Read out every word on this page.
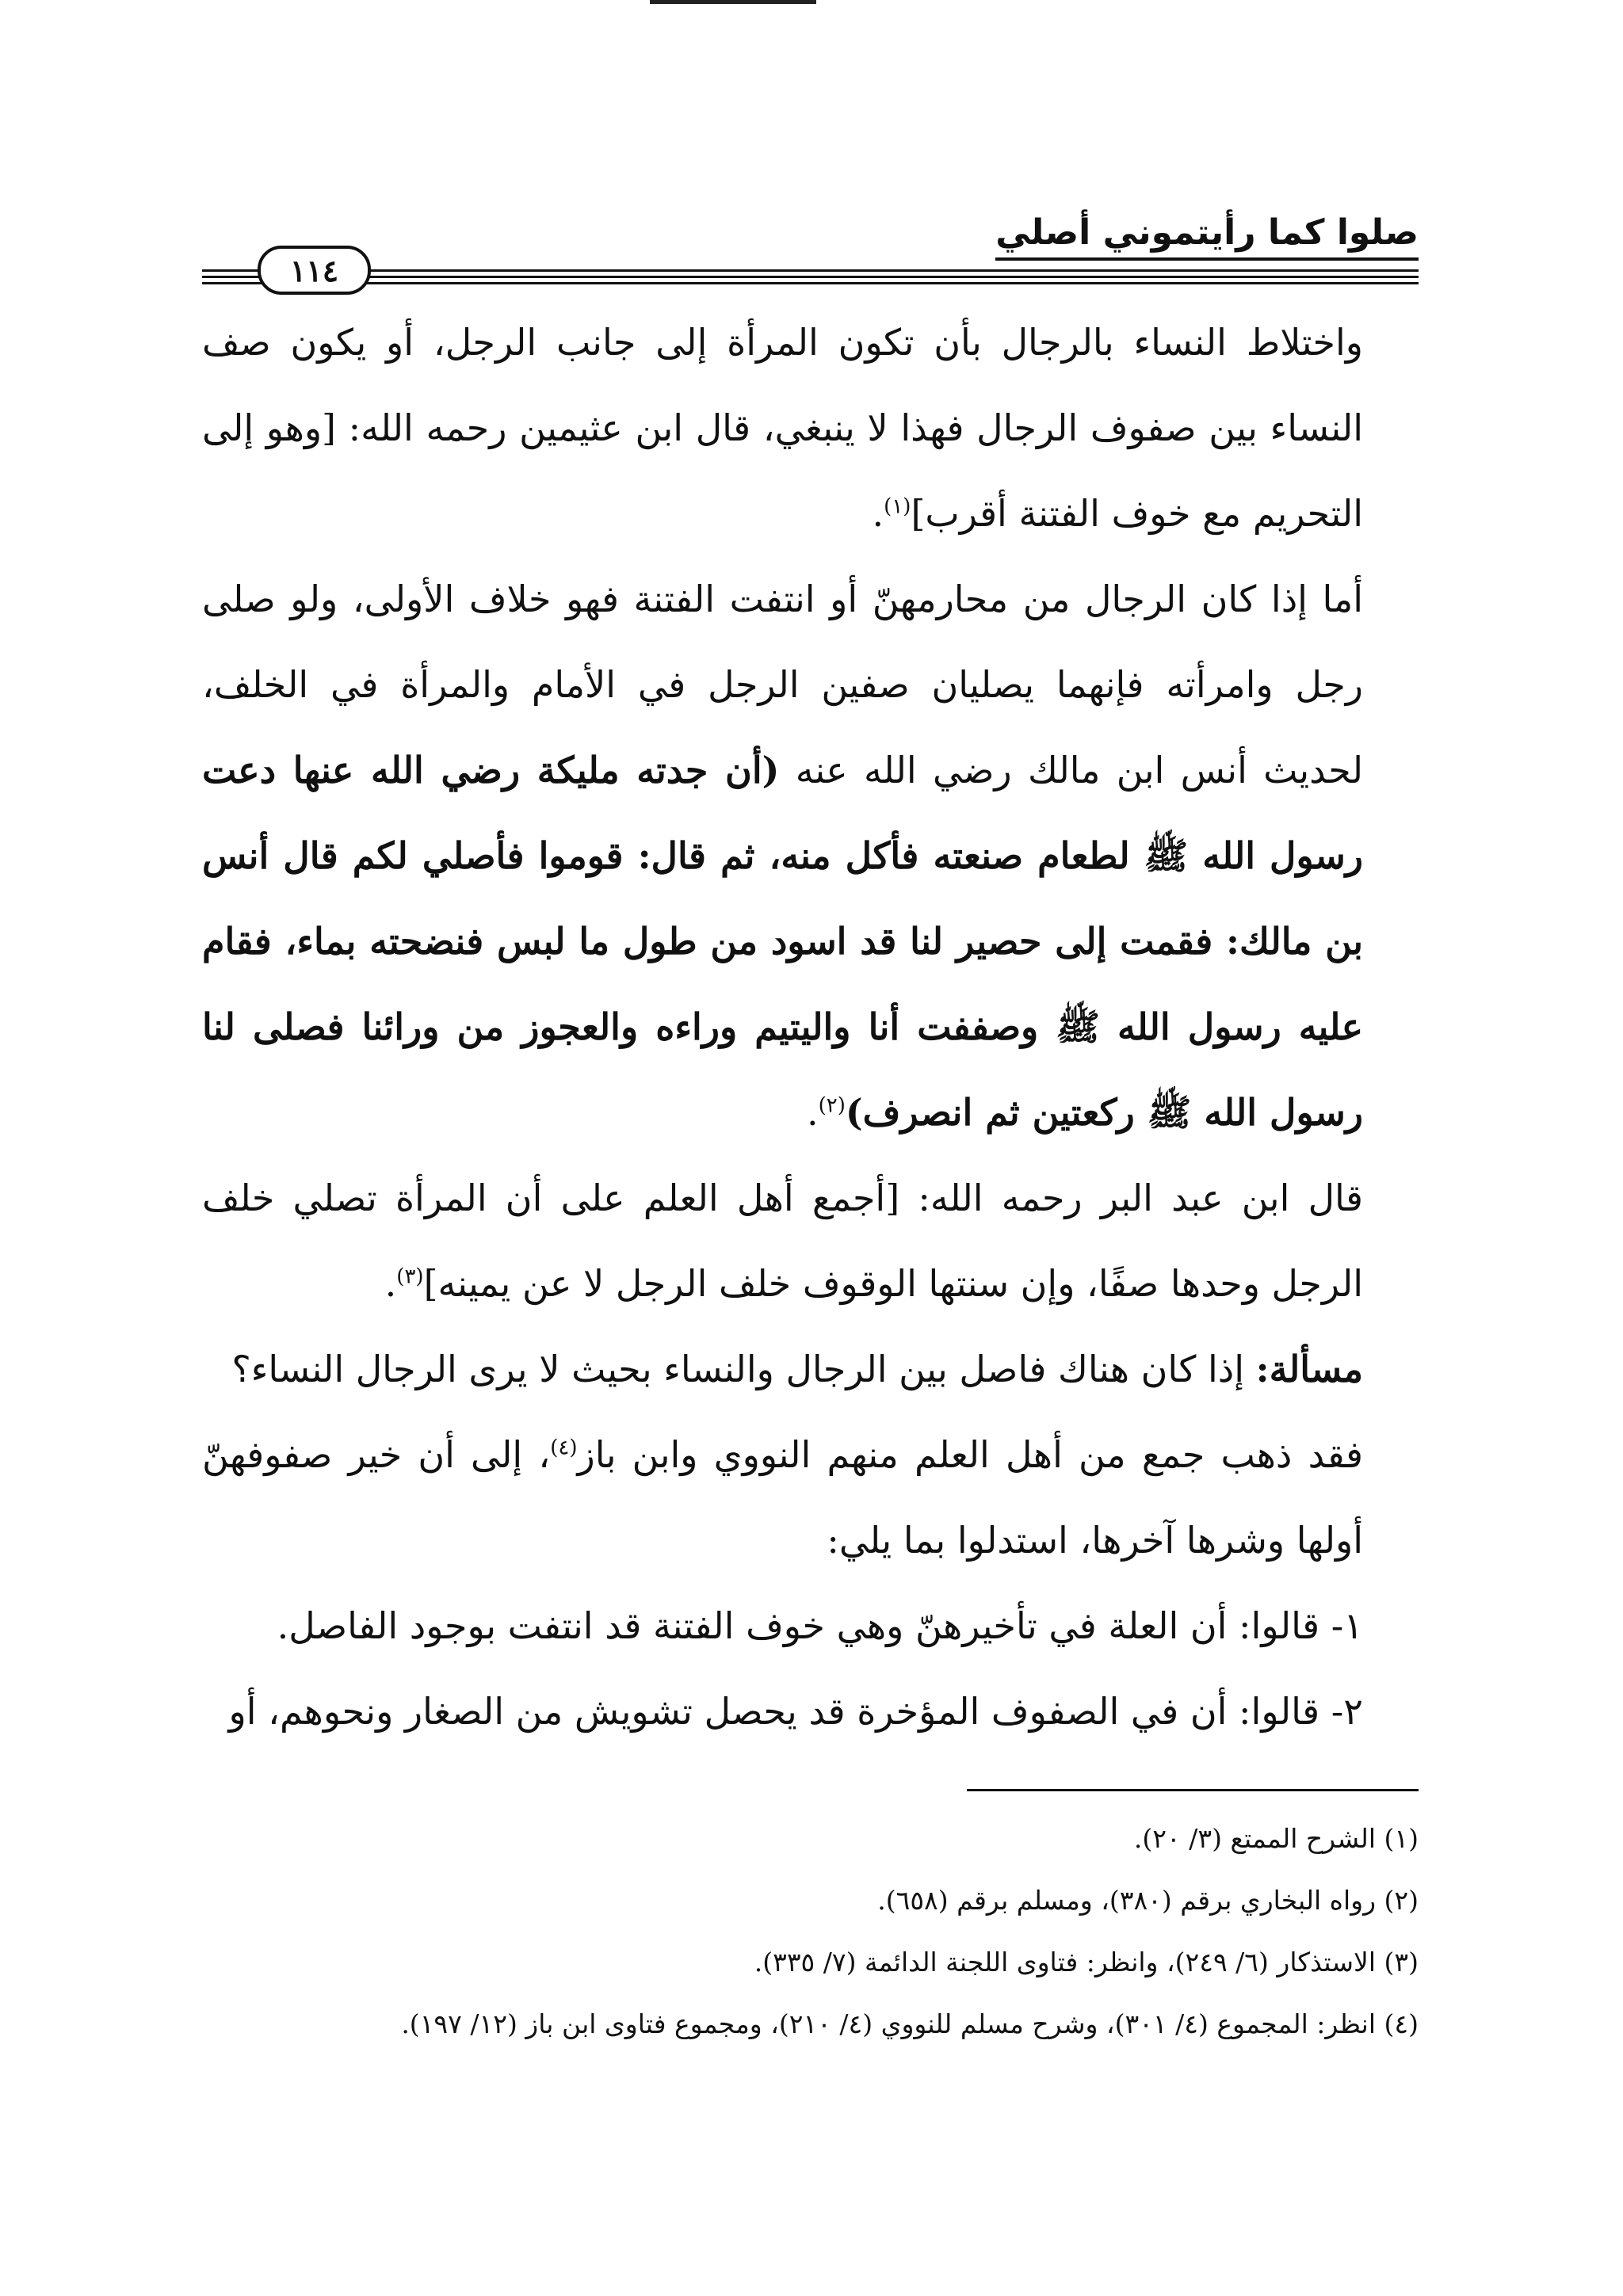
صلوا كما رأيتموني أصلي
١١٤

واختلاط النساء بالرجال بأن تكون المرأة إلى جانب الرجل، أو يكون صف النساء بين صفوف الرجال فهذا لا ينبغي، قال ابن عثيمين رحمه الله: [وهو إلى التحريم مع خوف الفتنة أقرب]$^{(١)}$.

أما إذا كان الرجال من محارمهنّ أو انتفت الفتنة فهو خلاف الأولى، ولو صلى رجل وامرأته فإنهما يصليان صفين الرجل في الأمام والمرأة في الخلف، لحديث أنس ابن مالك رضي الله عنه (أن جدته مليكة رضي الله عنها دعت رسول الله ﷺ لطعام صنعته فأكل منه، ثم قال: قوموا فأصلي لكم قال أنس بن مالك: فقمت إلى حصير لنا قد اسود من طول ما لبس فنضحته بماء، فقام عليه رسول الله ﷺ وصففت أنا واليتيم وراءه والعجوز من ورائنا فصلى لنا رسول الله ﷺ ركعتين ثم انصرف)$^{(٢)}$.

قال ابن عبد البر رحمه الله: [أجمع أهل العلم على أن المرأة تصلي خلف الرجل وحدها صفًا، وإن سنتها الوقوف خلف الرجل لا عن يمينه]$^{(٣)}$.

مسألة: إذا كان هناك فاصل بين الرجال والنساء بحيث لا يرى الرجال النساء؟

فقد ذهب جمع من أهل العلم منهم النووي وابن باز$^{(٤)}$، إلى أن خير صفوفهنّ أولها وشرها آخرها، استدلوا بما يلي:

١- قالوا: أن العلة في تأخيرهنّ وهي خوف الفتنة قد انتفت بوجود الفاصل.

٢- قالوا: أن في الصفوف المؤخرة قد يحصل تشويش من الصغار ونحوهم، أو

(١) الشرح الممتع (٣/ ٢٠).

(٢) رواه البخاري برقم (٣٨٠)، ومسلم برقم (٦٥٨).

(٣) الاستذكار (٦/ ٢٤٩)، وانظر: فتاوى اللجنة الدائمة (٧/ ٣٣٥).

(٤) انظر: المجموع (٤/ ٣٠١)، وشرح مسلم للنووي (٤/ ٢١٠)، ومجموع فتاوى ابن باز (١٢/ ١٩٧).
